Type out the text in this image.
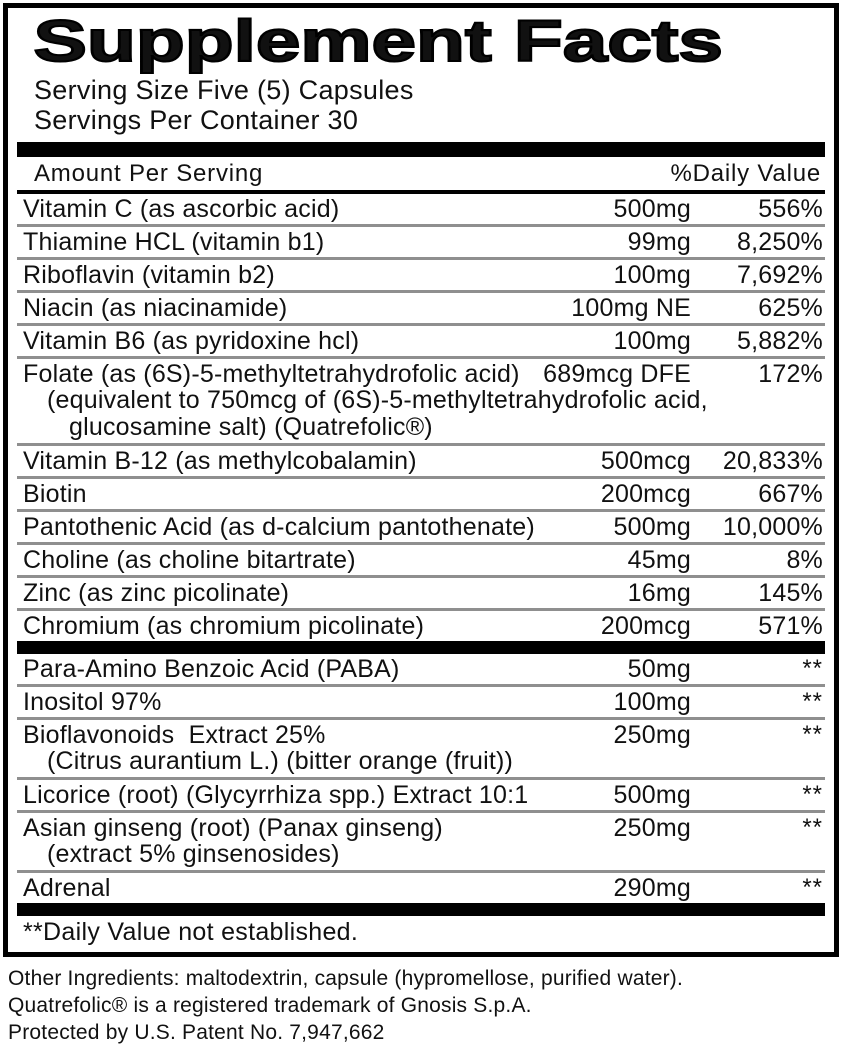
Supplement Facts
Serving Size Five (5) Capsules
Servings Per Container 30
Amount Per Serving	%Daily Value
Vitamin C (as ascorbic acid)	500mg	556%
Thiamine HCL (vitamin b1)	99mg	8,250%
Riboflavin (vitamin b2)	100mg	7,692%
Niacin (as niacinamide)	100mg NE	625%
Vitamin B6 (as pyridoxine hcl)	100mg	5,882%
Folate (as (6S)-5-methyltetrahydrofolic acid) 689mcg DFE	172%
(equivalent to 750mcg of (6S)-5-methyltetrahydrofolic acid,
glucosamine salt) (Quatrefolic®)
Vitamin B-12 (as methylcobalamin)	500mcg	20,833%
Biotin	200mcg	667%
Pantothenic Acid (as d-calcium pantothenate)	500mg	10,000%
Choline (as choline bitartrate)	45mg	8%
Zinc (as zinc picolinate)	16mg	145%
Chromium (as chromium picolinate)	200mcg	571%
Para-Amino Benzoic Acid (PABA)	50mg	**
Inositol 97%	100mg	**
Bioflavonoids  Extract 25%	250mg	**
(Citrus aurantium L.) (bitter orange (fruit))
Licorice (root) (Glycyrrhiza spp.) Extract 10:1	500mg	**
Asian ginseng (root) (Panax ginseng)	250mg	**
(extract 5% ginsenosides)
Adrenal	290mg	**
**Daily Value not established.
Other Ingredients: maltodextrin, capsule (hypromellose, purified water).
Quatrefolic® is a registered trademark of Gnosis S.p.A.
Protected by U.S. Patent No. 7,947,662
